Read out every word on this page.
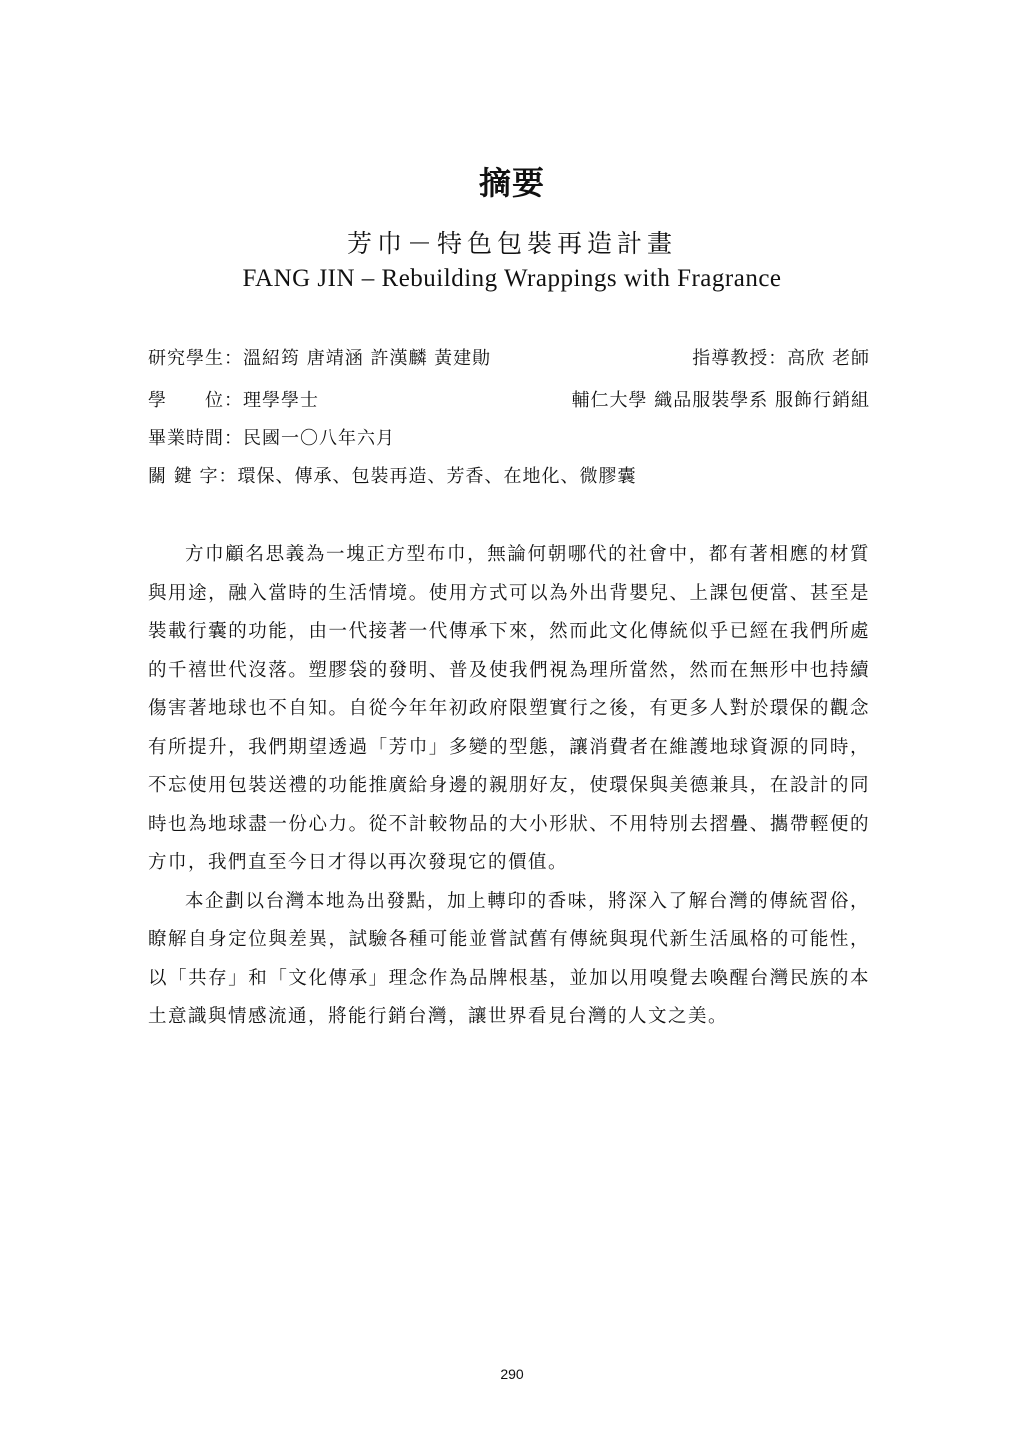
摘要
芳巾－特色包裝再造計畫
FANG JIN – Rebuilding Wrappings with Fragrance
研究學生：溫紹筠 唐靖涵 許漢麟 黃建勛	指導教授：高欣 老師
學　　位：理學學士	輔仁大學 織品服裝學系 服飾行銷組
畢業時間：民國一〇八年六月
關 鍵 字：環保、傳承、包裝再造、芳香、在地化、微膠囊

方巾顧名思義為一塊正方型布巾，無論何朝哪代的社會中，都有著相應的材質與用途，融入當時的生活情境。使用方式可以為外出背嬰兒、上課包便當、甚至是裝載行囊的功能，由一代接著一代傳承下來，然而此文化傳統似乎已經在我們所處的千禧世代沒落。塑膠袋的發明、普及使我們視為理所當然，然而在無形中也持續傷害著地球也不自知。自從今年年初政府限塑實行之後，有更多人對於環保的觀念有所提升，我們期望透過「芳巾」多變的型態，讓消費者在維護地球資源的同時，不忘使用包裝送禮的功能推廣給身邊的親朋好友，使環保與美德兼具，在設計的同時也為地球盡一份心力。從不計較物品的大小形狀、不用特別去摺疊、攜帶輕便的方巾，我們直至今日才得以再次發現它的價值。

本企劃以台灣本地為出發點，加上轉印的香味，將深入了解台灣的傳統習俗，瞭解自身定位與差異，試驗各種可能並嘗試舊有傳統與現代新生活風格的可能性，以「共存」和「文化傳承」理念作為品牌根基，並加以用嗅覺去喚醒台灣民族的本土意識與情感流通，將能行銷台灣，讓世界看見台灣的人文之美。

290
